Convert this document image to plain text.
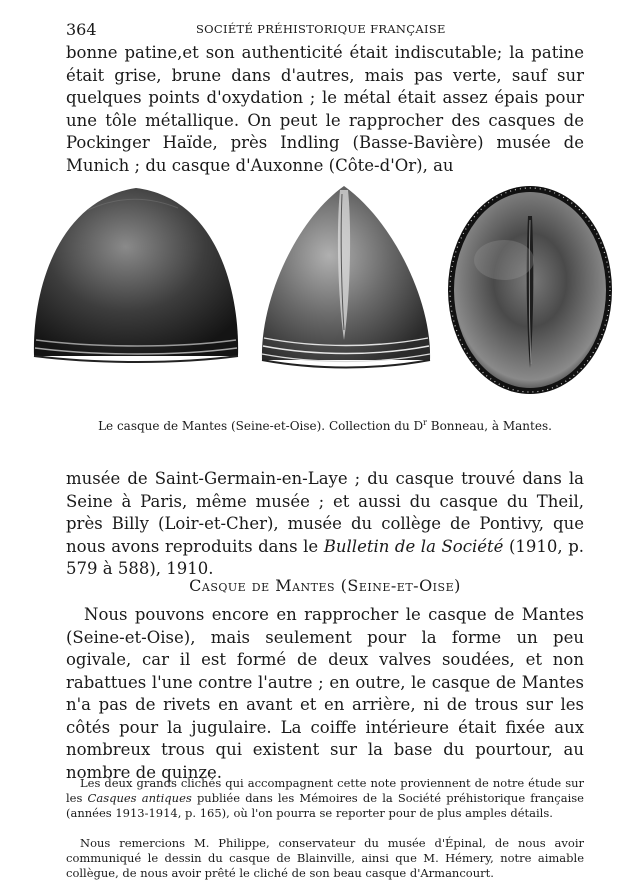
364	SOCIÉTÉ PRÉHISTORIQUE FRANÇAISE

bonne patine,et son authenticité était indiscutable; la patine était grise, brune dans d'autres, mais pas verte, sauf sur quelques points d'oxydation ; le métal était assez épais pour une tôle métallique. On peut le rapprocher des casques de Pockinger Haïde, près Indling (Basse-Bavière) musée de Munich ; du casque d'Auxonne (Côte-d'Or), au

Le casque de Mantes (Seine-et-Oise). Collection du $D^r$ Bonneau, à Mantes.

musée de Saint-Germain-en-Laye ; du casque trouvé dans la Seine à Paris, même musée ; et aussi du casque du Theil, près Billy (Loir-et-Cher), musée du collège de Pontivy, que nous avons reproduits dans le Bulletin de la Société (1910, p. 579 à 588), 1910.

Casque de Mantes (Seine-et-Oise)

Nous pouvons encore en rapprocher le casque de Mantes (Seine-et-Oise), mais seulement pour la forme un peu ogivale, car il est formé de deux valves soudées, et non rabattues l'une contre l'autre ; en outre, le casque de Mantes n'a pas de rivets en avant et en arrière, ni de trous sur les côtés pour la jugulaire. La coiffe intérieure était fixée aux nombreux trous qui existent sur la base du pourtour, au nombre de quinze.

Les deux grands clichés qui accompagnent cette note proviennent de notre étude sur les Casques antiques publiée dans les Mémoires de la Société préhistorique française (années 1913-1914, p. 165), où l'on pourra se reporter pour de plus amples détails.

Nous remercions M. Philippe, conservateur du musée d'Épinal, de nous avoir communiqué le dessin du casque de Blainville, ainsi que M. Hémery, notre aimable collègue, de nous avoir prêté le cliché de son beau casque d'Armancourt.
